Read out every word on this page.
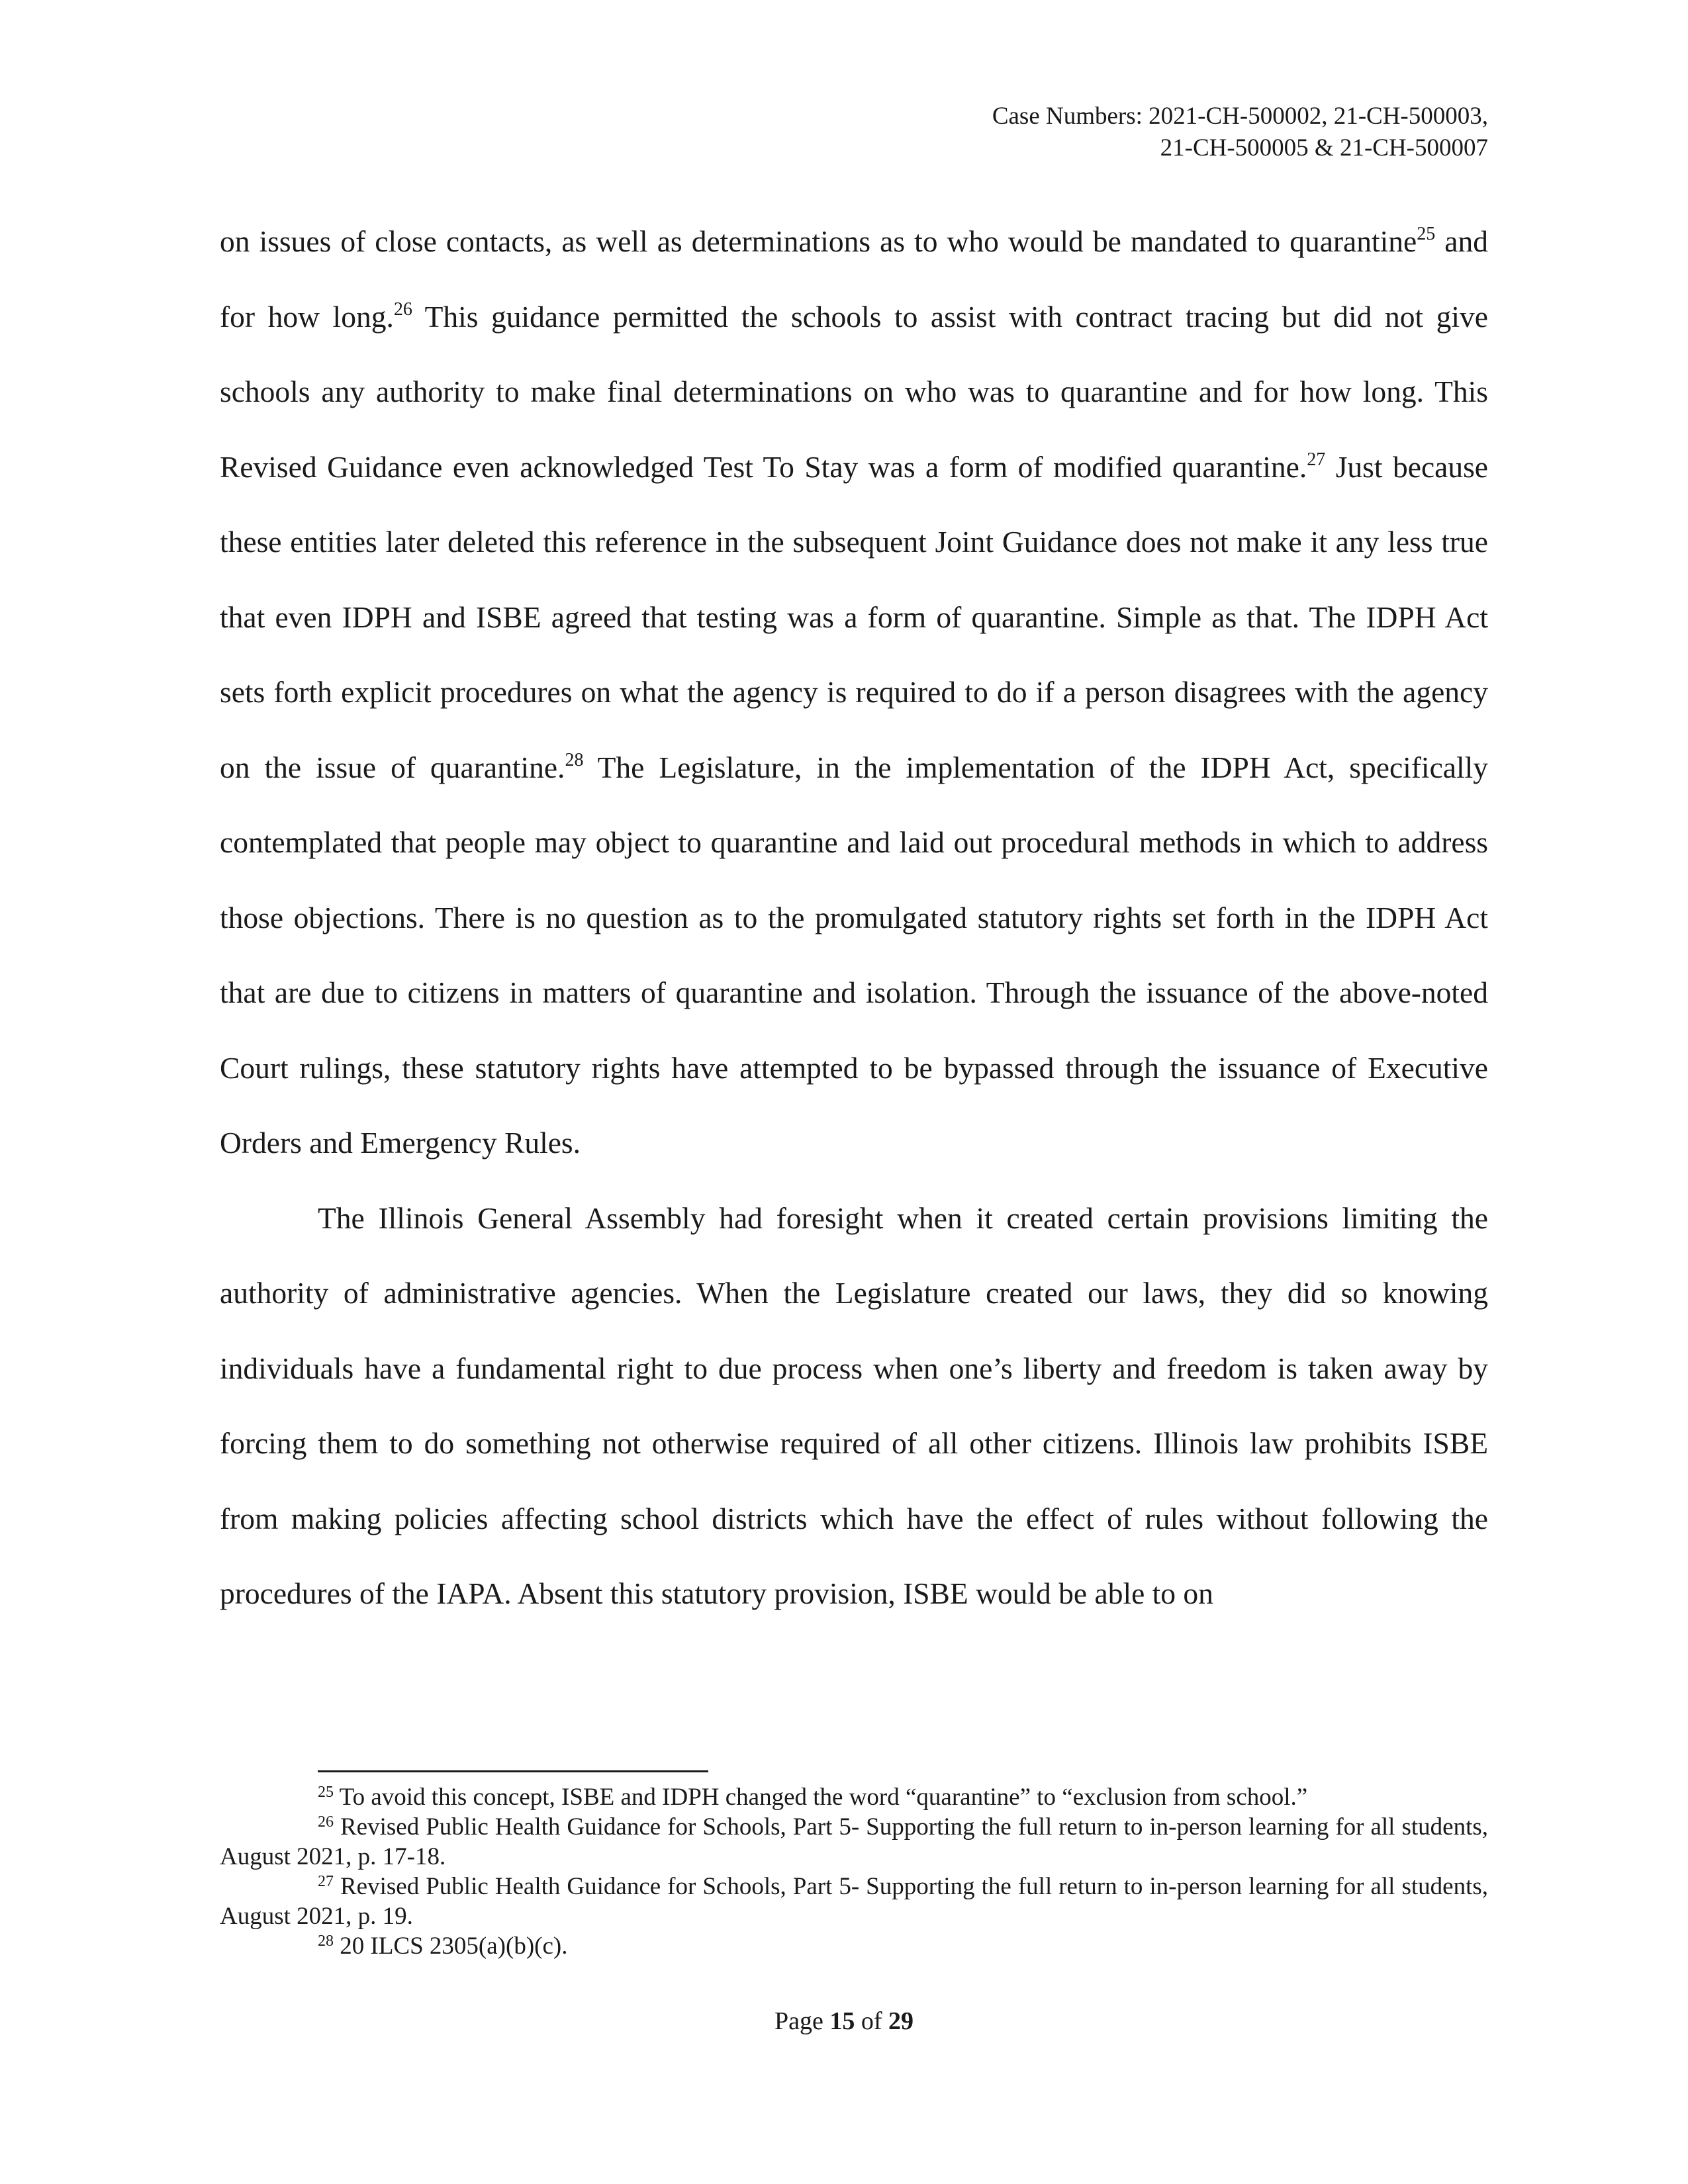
Case Numbers: 2021-CH-500002, 21-CH-500003,
21-CH-500005 & 21-CH-500007

on issues of close contacts, as well as determinations as to who would be mandated to quarantine$^{25}$ and for how long.$^{26}$ This guidance permitted the schools to assist with contract tracing but did not give schools any authority to make final determinations on who was to quarantine and for how long. This Revised Guidance even acknowledged Test To Stay was a form of modified quarantine.$^{27}$ Just because these entities later deleted this reference in the subsequent Joint Guidance does not make it any less true that even IDPH and ISBE agreed that testing was a form of quarantine. Simple as that. The IDPH Act sets forth explicit procedures on what the agency is required to do if a person disagrees with the agency on the issue of quarantine.$^{28}$ The Legislature, in the implementation of the IDPH Act, specifically contemplated that people may object to quarantine and laid out procedural methods in which to address those objections. There is no question as to the promulgated statutory rights set forth in the IDPH Act that are due to citizens in matters of quarantine and isolation. Through the issuance of the above-noted Court rulings, these statutory rights have attempted to be bypassed through the issuance of Executive Orders and Emergency Rules.

The Illinois General Assembly had foresight when it created certain provisions limiting the authority of administrative agencies. When the Legislature created our laws, they did so knowing individuals have a fundamental right to due process when one’s liberty and freedom is taken away by forcing them to do something not otherwise required of all other citizens. Illinois law prohibits ISBE from making policies affecting school districts which have the effect of rules without following the procedures of the IAPA. Absent this statutory provision, ISBE would be able to on

$^{25}$ To avoid this concept, ISBE and IDPH changed the word “quarantine” to “exclusion from school.”

$^{26}$ Revised Public Health Guidance for Schools, Part 5- Supporting the full return to in-person learning for all students, August 2021, p. 17-18.

$^{27}$ Revised Public Health Guidance for Schools, Part 5- Supporting the full return to in-person learning for all students, August 2021, p. 19.

$^{28}$ 20 ILCS 2305(a)(b)(c).

Page 15 of 29
